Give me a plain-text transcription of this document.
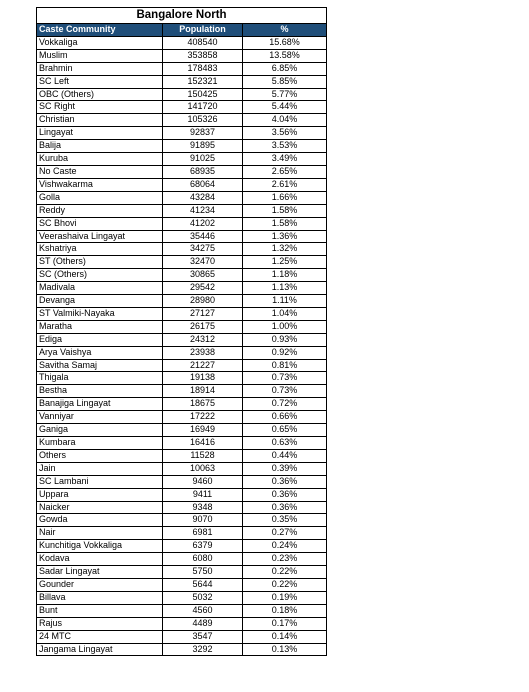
Bangalore North		
Caste Community	Population	%
Vokkaliga	408540	15.68%
Muslim	353858	13.58%
Brahmin	178483	6.85%
SC Left	152321	5.85%
OBC (Others)	150425	5.77%
SC Right	141720	5.44%
Christian	105326	4.04%
Lingayat	92837	3.56%
Balija	91895	3.53%
Kuruba	91025	3.49%
No Caste	68935	2.65%
Vishwakarma	68064	2.61%
Golla	43284	1.66%
Reddy	41234	1.58%
SC Bhovi	41202	1.58%
Veerashaiva Lingayat	35446	1.36%
Kshatriya	34275	1.32%
ST (Others)	32470	1.25%
SC (Others)	30865	1.18%
Madivala	29542	1.13%
Devanga	28980	1.11%
ST Valmiki-Nayaka	27127	1.04%
Maratha	26175	1.00%
Ediga	24312	0.93%
Arya Vaishya	23938	0.92%
Savitha Samaj	21227	0.81%
Thigala	19138	0.73%
Bestha	18914	0.73%
Banajiga Lingayat	18675	0.72%
Vanniyar	17222	0.66%
Ganiga	16949	0.65%
Kumbara	16416	0.63%
Others	11528	0.44%
Jain	10063	0.39%
SC Lambani	9460	0.36%
Uppara	9411	0.36%
Naicker	9348	0.36%
Gowda	9070	0.35%
Nair	6981	0.27%
Kunchitiga Vokkaliga	6379	0.24%
Kodava	6080	0.23%
Sadar Lingayat	5750	0.22%
Gounder	5644	0.22%
Billava	5032	0.19%
Bunt	4560	0.18%
Rajus	4489	0.17%
24 MTC	3547	0.14%
Jangama Lingayat	3292	0.13%
